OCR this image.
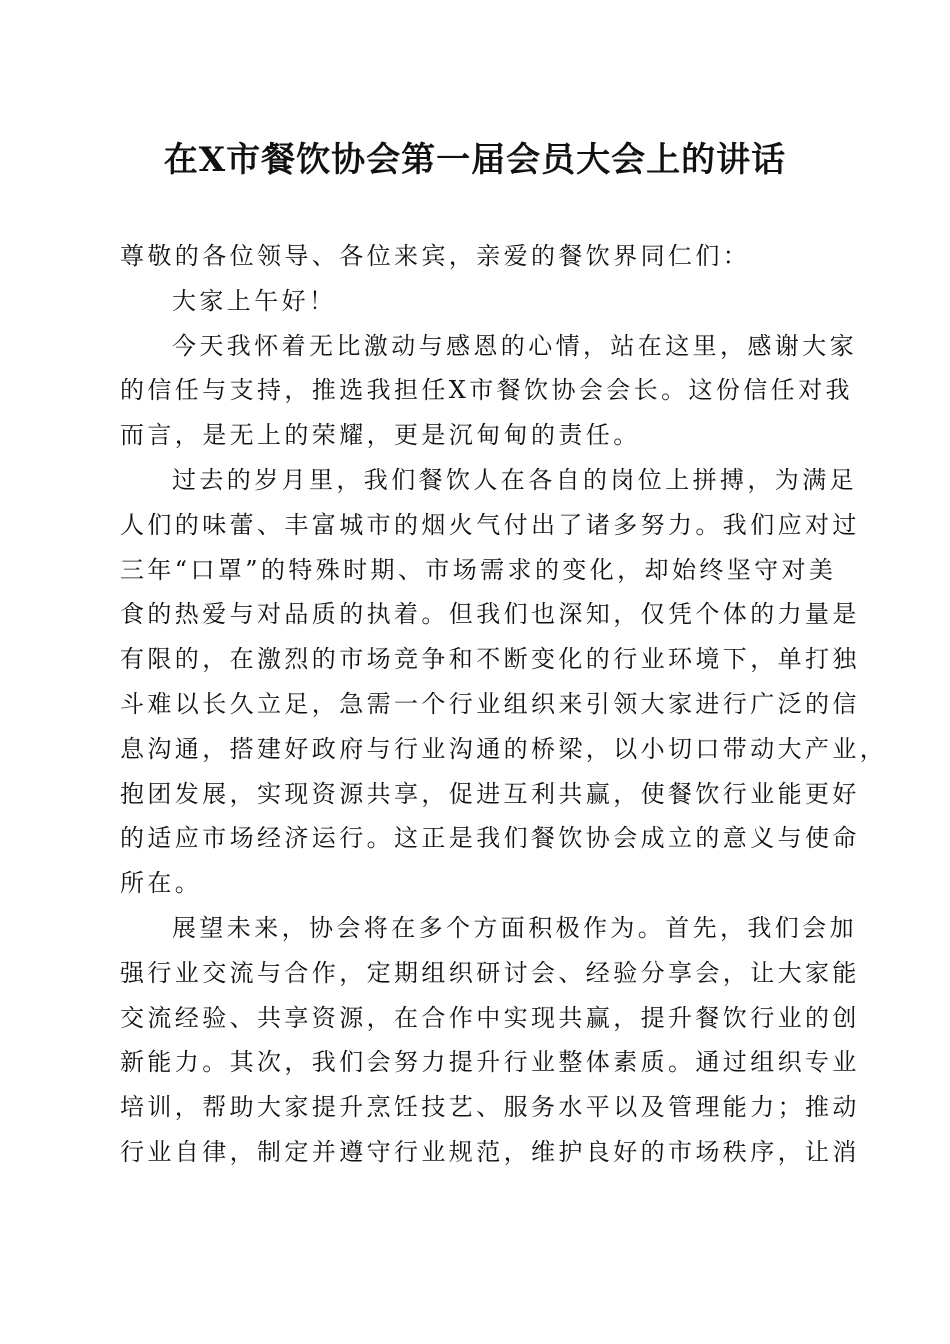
在X市餐饮协会第一届会员大会上的讲话
尊敬的各位领导、各位来宾，亲爱的餐饮界同仁们：
大家上午好！
今天我怀着无比激动与感恩的心情，站在这里，感谢大家
的信任与支持，推选我担任X市餐饮协会会长。这份信任对我
而言，是无上的荣耀，更是沉甸甸的责任。
过去的岁月里，我们餐饮人在各自的岗位上拼搏，为满足
人们的味蕾、丰富城市的烟火气付出了诸多努力。我们应对过
三年“口罩”的特殊时期、市场需求的变化，却始终坚守对美
食的热爱与对品质的执着。但我们也深知，仅凭个体的力量是
有限的，在激烈的市场竞争和不断变化的行业环境下，单打独
斗难以长久立足，急需一个行业组织来引领大家进行广泛的信
息沟通，搭建好政府与行业沟通的桥梁，以小切口带动大产业，
抱团发展，实现资源共享，促进互利共赢，使餐饮行业能更好
的适应市场经济运行。这正是我们餐饮协会成立的意义与使命
所在。
展望未来，协会将在多个方面积极作为。首先，我们会加
强行业交流与合作，定期组织研讨会、经验分享会，让大家能
交流经验、共享资源，在合作中实现共赢，提升餐饮行业的创
新能力。其次，我们会努力提升行业整体素质。通过组织专业
培训，帮助大家提升烹饪技艺、服务水平以及管理能力；推动
行业自律，制定并遵守行业规范，维护良好的市场秩序，让消
